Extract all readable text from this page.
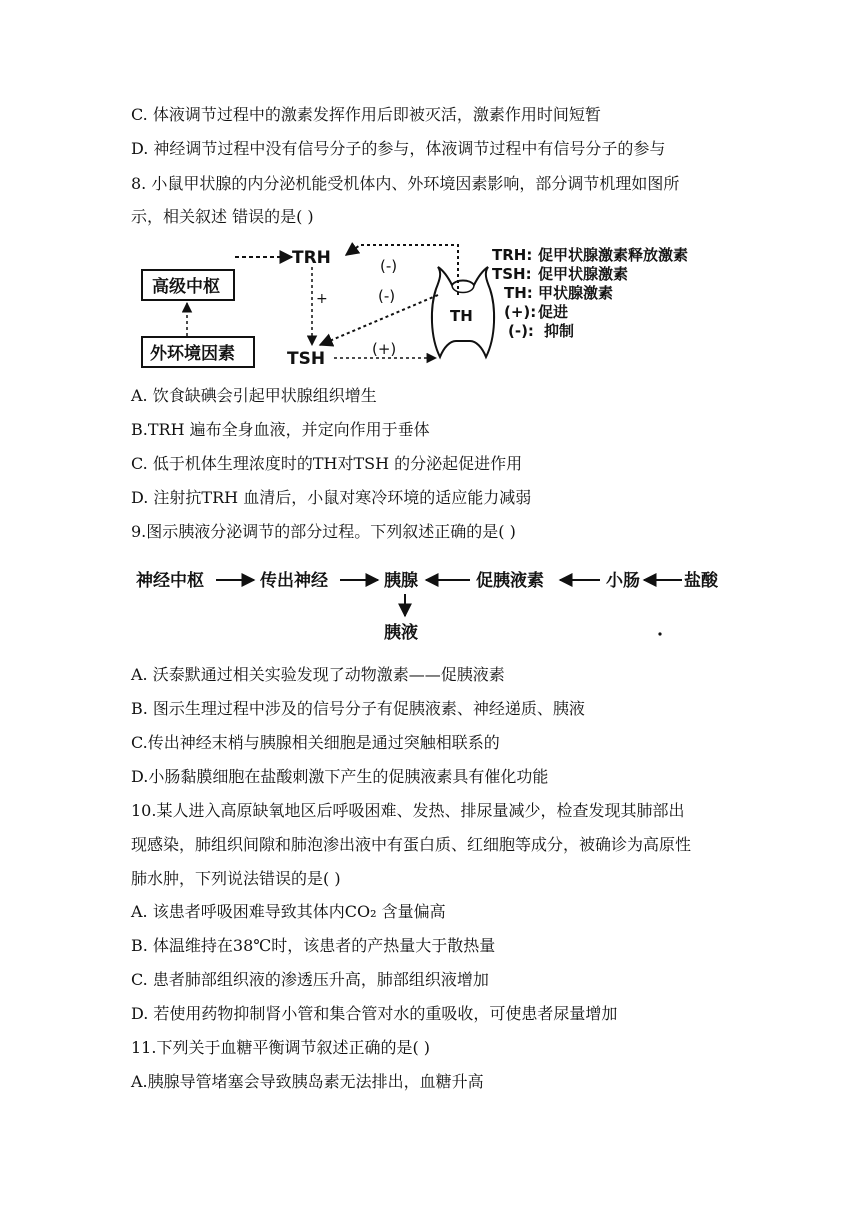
C. 体液调节过程中的激素发挥作用后即被灭活，激素作用时间短暂
D. 神经调节过程中没有信号分子的参与，体液调节过程中有信号分子的参与
8. 小鼠甲状腺的内分泌机能受机体内、外环境因素影响，部分调节机理如图所
示，相关叙述 错误的是( )
高级中枢
外环境因素
TRH
TSH
+
(-)
(-)
(+)
TH
TRH: 促甲状腺激素释放激素
TSH: 促甲状腺激素
TH: 甲状腺激素
(+): 促进
(-): 抑制
A. 饮食缺碘会引起甲状腺组织增生
B.TRH 遍布全身血液，并定向作用于垂体
C. 低于机体生理浓度时的TH对TSH 的分泌起促进作用
D. 注射抗TRH 血清后，小鼠对寒冷环境的适应能力减弱
9.图示胰液分泌调节的部分过程。下列叙述正确的是( )
神经中枢	传出神经	胰腺	促胰液素	小肠	盐酸
胰液
A. 沃泰默通过相关实验发现了动物激素——促胰液素
B. 图示生理过程中涉及的信号分子有促胰液素、神经递质、胰液
C.传出神经末梢与胰腺相关细胞是通过突触相联系的
D.小肠黏膜细胞在盐酸刺激下产生的促胰液素具有催化功能
10.某人进入高原缺氧地区后呼吸困难、发热、排尿量减少，检查发现其肺部出
现感染，肺组织间隙和肺泡渗出液中有蛋白质、红细胞等成分，被确诊为高原性
肺水肿，下列说法错误的是( )
A. 该患者呼吸困难导致其体内CO₂ 含量偏高
B. 体温维持在38℃时，该患者的产热量大于散热量
C. 患者肺部组织液的渗透压升高，肺部组织液增加
D. 若使用药物抑制肾小管和集合管对水的重吸收，可使患者尿量增加
11.下列关于血糖平衡调节叙述正确的是( )
A.胰腺导管堵塞会导致胰岛素无法排出，血糖升高
